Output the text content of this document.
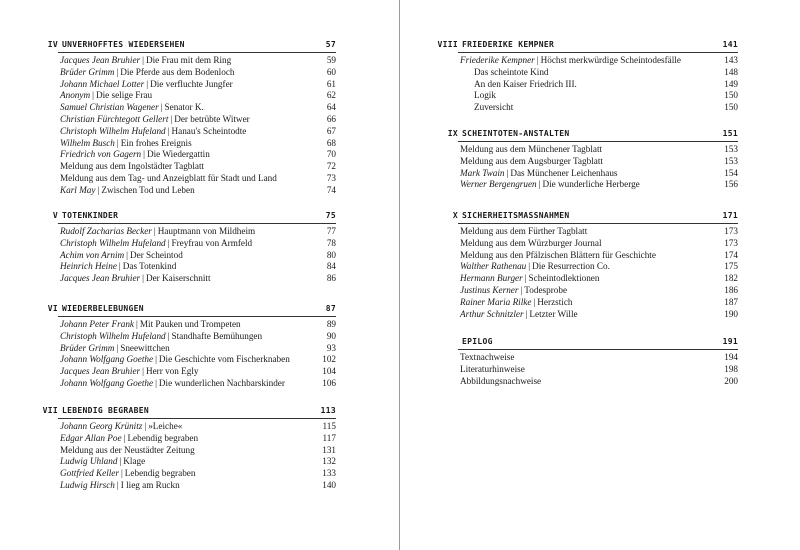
IV UNVERHOFFTES WIEDERSEHEN	57
Jacques Jean Bruhier | Die Frau mit dem Ring	59
Brüder Grimm | Die Pferde aus dem Bodenloch	60
Johann Michael Lotter | Die verfluchte Jungfer	61
Anonym | Die selige Frau	62
Samuel Christian Wagener | Senator K.	64
Christian Fürchtegott Gellert | Der betrübte Witwer	66
Christoph Wilhelm Hufeland | Hanau's Scheintodte	67
Wilhelm Busch | Ein frohes Ereignis	68
Friedrich von Gagern | Die Wiedergattin	70
Meldung aus dem Ingolstädter Tagblatt	72
Meldung aus dem Tag- und Anzeigblatt für Stadt und Land	73
Karl May | Zwischen Tod und Leben	74
V TOTENKINDER	75
Rudolf Zacharias Becker | Hauptmann von Mildheim	77
Christoph Wilhelm Hufeland | Freyfrau von Armfeld	78
Achim von Arnim | Der Scheintod	80
Heinrich Heine | Das Totenkind	84
Jacques Jean Bruhier | Der Kaiserschnitt	86
VI WIEDERBELEBUNGEN	87
Johann Peter Frank | Mit Pauken und Trompeten	89
Christoph Wilhelm Hufeland | Standhafte Bemühungen	90
Brüder Grimm | Sneewittchen	93
Johann Wolfgang Goethe | Die Geschichte vom Fischerknaben	102
Jacques Jean Bruhier | Herr von Egly	104
Johann Wolfgang Goethe | Die wunderlichen Nachbarskinder	106
VII LEBENDIG BEGRABEN	113
Johann Georg Krünitz | »Leiche«	115
Edgar Allan Poe | Lebendig begraben	117
Meldung aus der Neustädter Zeitung	131
Ludwig Uhland | Klage	132
Gottfried Keller | Lebendig begraben	133
Ludwig Hirsch | I lieg am Ruckn	140
VIII FRIEDERIKE KEMPNER	141
Friederike Kempner | Höchst merkwürdige Scheintodesfälle	143
Das scheintote Kind	148
An den Kaiser Friedrich III.	149
Logik	150
Zuversicht	150
IX SCHEINTOTEN-ANSTALTEN	151
Meldung aus dem Münchener Tagblatt	153
Meldung aus dem Augsburger Tagblatt	153
Mark Twain | Das Münchener Leichenhaus	154
Werner Bergengruen | Die wunderliche Herberge	156
X SICHERHEITSMASSNAHMEN	171
Meldung aus dem Fürther Tagblatt	173
Meldung aus dem Würzburger Journal	173
Meldung aus den Pfälzischen Blättern für Geschichte	174
Walther Rathenau | Die Resurrection Co.	175
Hermann Burger | Scheintodlektionen	182
Justinus Kerner | Todesprobe	186
Rainer Maria Rilke | Herzstich	187
Arthur Schnitzler | Letzter Wille	190
EPILOG	191
Textnachweise	194
Literaturhinweise	198
Abbildungsnachweise	200
